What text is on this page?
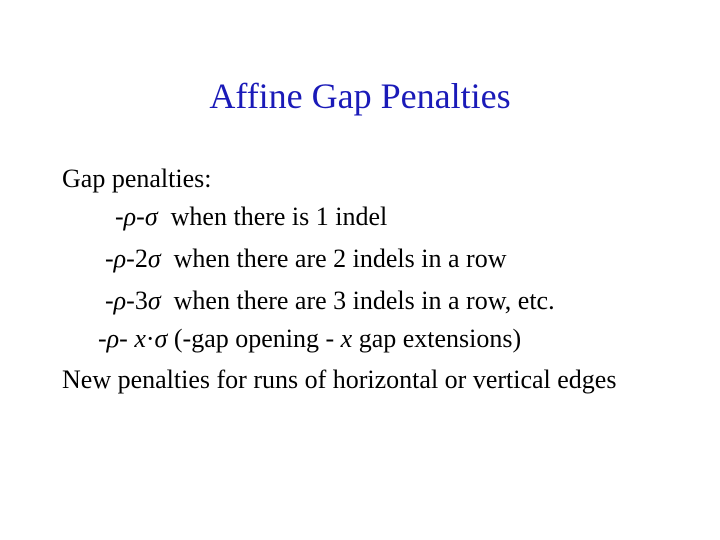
Affine Gap Penalties
Gap penalties:
-ρ-σ  when there is 1 indel
-ρ-2σ  when there are 2 indels in a row
-ρ-3σ  when there are 3 indels in a row, etc.
-ρ- x·σ (-gap opening - x gap extensions)
New penalties for runs of horizontal or vertical edges
